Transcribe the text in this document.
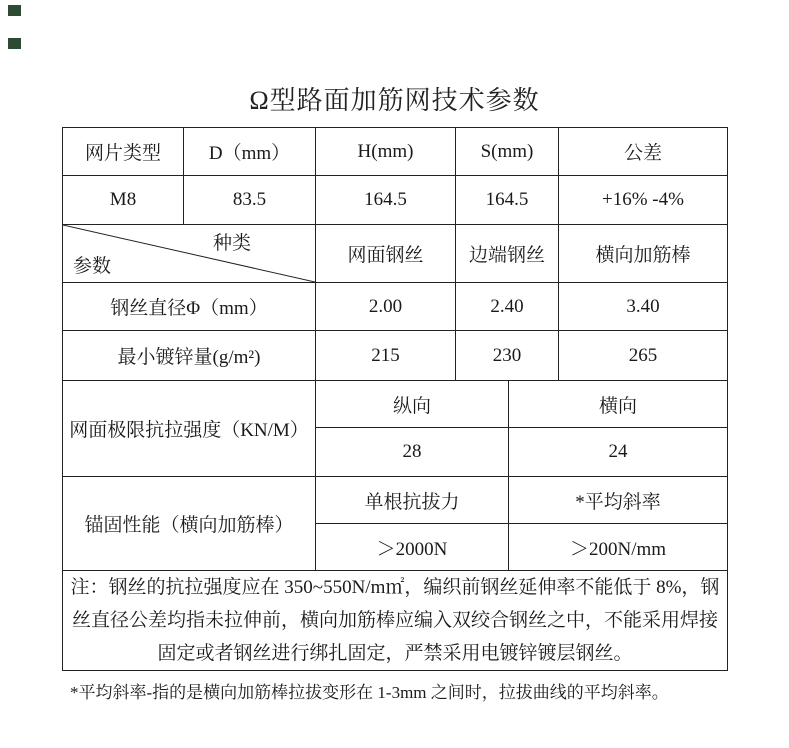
Ω型路面加筋网技术参数
网片类型	D（mm）	H(mm)	S(mm)		公差
M8	83.5	164.5	164.5		+16% -4%

种类
参数		网面钢丝	边端钢丝		横向加筋棒
钢丝直径Φ（mm）		2.00	2.40		3.40
最小镀锌量(g/m²)		215	230		265
网面极限抗拉强度（KN/M）		纵向		横向	
		28		24	
锚固性能（横向加筋棒）		单根抗拔力		*平均斜率	
		＞2000N		＞200N/mm	
注：钢丝的抗拉强度应在 350~550N/m㎡，编织前钢丝延伸率不能低于 8%，钢丝直径公差均指未拉伸前，横向加筋棒应编入双绞合钢丝之中，不能采用焊接固定或者钢丝进行绑扎固定，严禁采用电镀锌镀层钢丝。					
*平均斜率-指的是横向加筋棒拉拔变形在 1-3mm 之间时，拉拔曲线的平均斜率。
